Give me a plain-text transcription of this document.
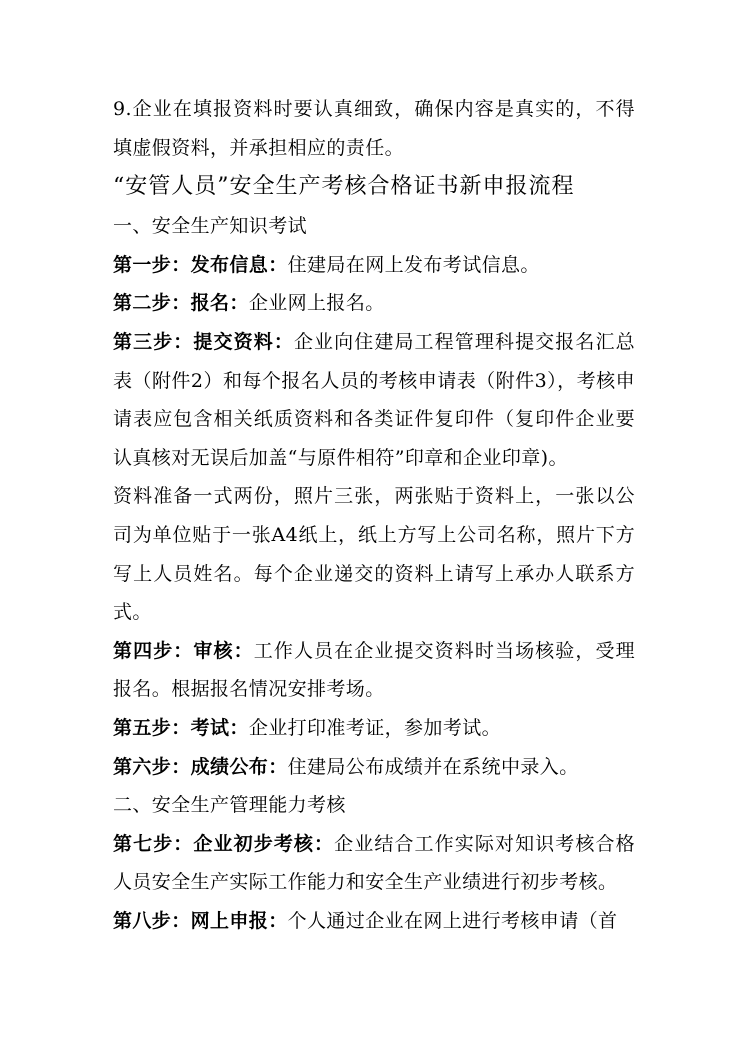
9.企业在填报资料时要认真细致，确保内容是真实的，不得填虚假资料，并承担相应的责任。

“安管人员”安全生产考核合格证书新申报流程

一、安全生产知识考试

第一步：发布信息：住建局在网上发布考试信息。

第二步：报名：企业网上报名。

第三步：提交资料：企业向住建局工程管理科提交报名汇总表（附件2）和每个报名人员的考核申请表（附件3），考核申请表应包含相关纸质资料和各类证件复印件（复印件企业要认真核对无误后加盖“与原件相符”印章和企业印章)。

资料准备一式两份，照片三张，两张贴于资料上，一张以公司为单位贴于一张A4纸上，纸上方写上公司名称，照片下方写上人员姓名。每个企业递交的资料上请写上承办人联系方式。

第四步：审核：工作人员在企业提交资料时当场核验，受理报名。根据报名情况安排考场。

第五步：考试：企业打印准考证，参加考试。

第六步：成绩公布：住建局公布成绩并在系统中录入。

二、安全生产管理能力考核

第七步：企业初步考核：企业结合工作实际对知识考核合格人员安全生产实际工作能力和安全生产业绩进行初步考核。

第八步：网上申报：个人通过企业在网上进行考核申请（首
